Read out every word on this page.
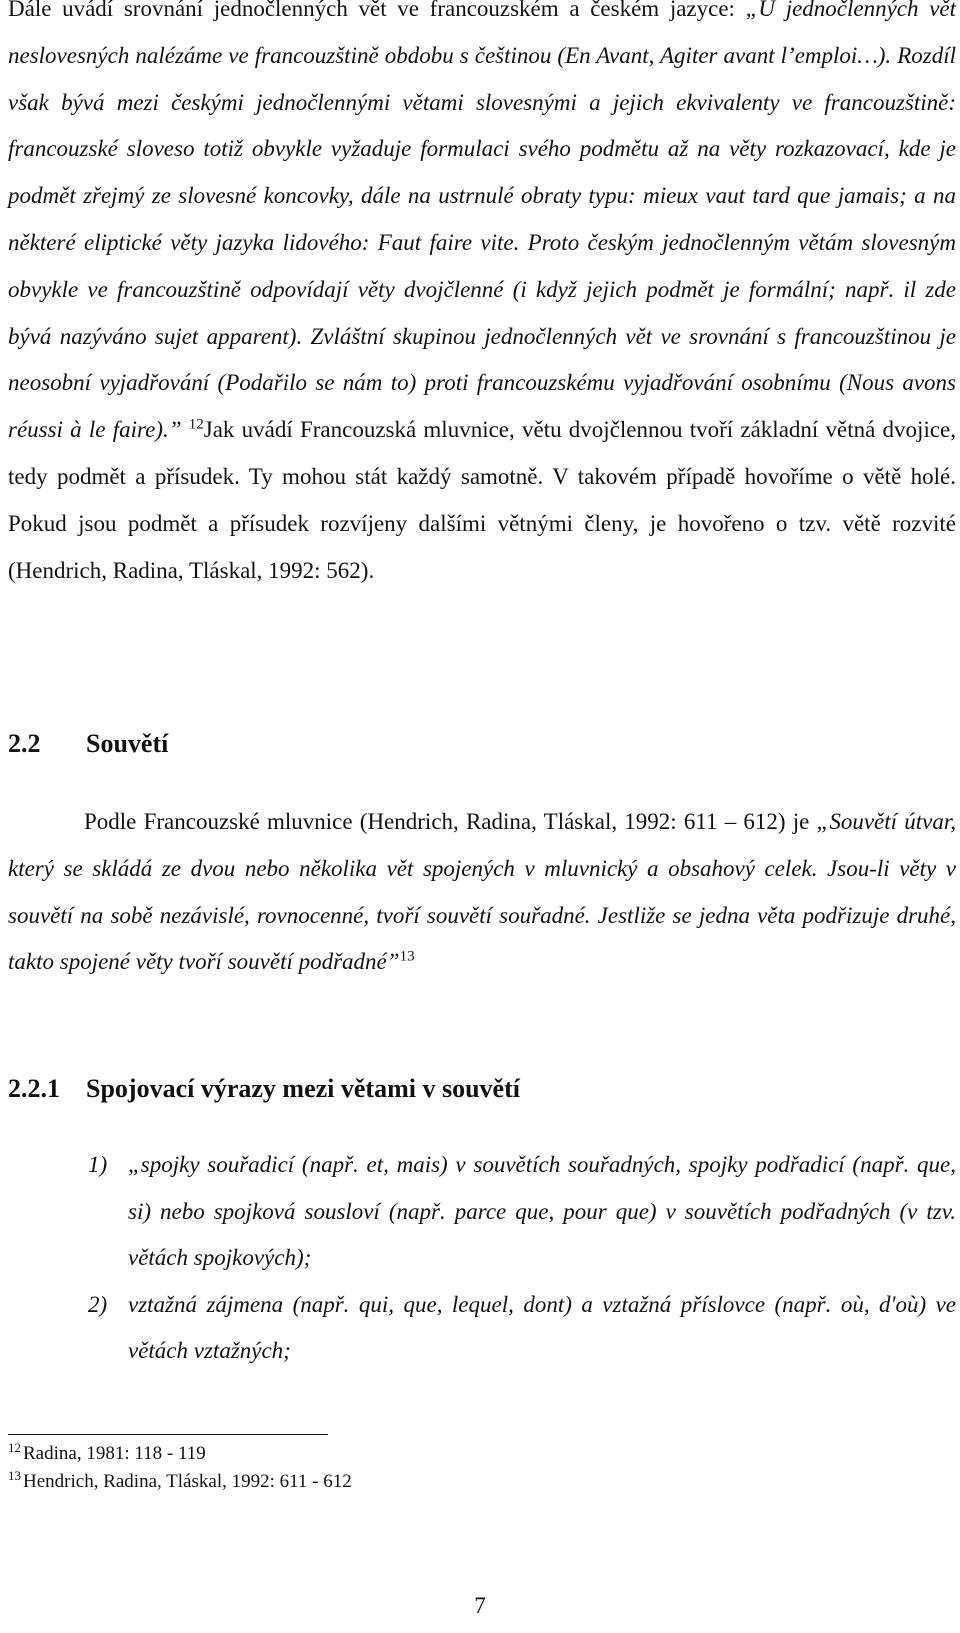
Dále uvádí srovnání jednočlenných vět ve francouzském a českém jazyce: „U jednočlenných vět neslovesných nalézáme ve francouzštině obdobu s češtinou (En Avant, Agiter avant l’emploi…). Rozdíl však bývá mezi českými jednočlennými větami slovesnými a jejich ekvivalenty ve francouzštině: francouzské sloveso totiž obvykle vyžaduje formulaci svého podmětu až na věty rozkazovací, kde je podmět zřejmý ze slovesné koncovky, dále na ustrnulé obraty typu: mieux vaut tard que jamais; a na některé eliptické věty jazyka lidového: Faut faire vite. Proto českým jednočlenným větám slovesným obvykle ve francouzštině odpovídají věty dvojčlenné (i když jejich podmět je formální; např. il zde bývá nazýváno sujet apparent). Zvláštní skupinou jednočlenných vět ve srovnání s francouzštinou je neosobní vyjadřování (Podařilo se nám to) proti francouzskému vyjadřování osobnímu (Nous avons réussi à le faire).” $^{12}$Jak uvádí Francouzská mluvnice, větu dvojčlennou tvoří základní větná dvojice, tedy podmět a přísudek. Ty mohou stát každý samotně. V takovém případě hovoříme o větě holé. Pokud jsou podmět a přísudek rozvíjeny dalšími větnými členy, je hovořeno o tzv. větě rozvité (Hendrich, Radina, Tláskal, 1992: 562).

2.2 Souvětí

Podle Francouzské mluvnice (Hendrich, Radina, Tláskal, 1992: 611 – 612) je „Souvětí útvar, který se skládá ze dvou nebo několika vět spojených v mluvnický a obsahový celek. Jsou-li věty v souvětí na sobě nezávislé, rovnocenné, tvoří souvětí souřadné. Jestliže se jedna věta podřizuje druhé, takto spojené věty tvoří souvětí podřadné”$^{13}$

2.2.1 Spojovací výrazy mezi větami v souvětí
1) „spojky souřadicí (např. et, mais) v souvětích souřadných, spojky podřadicí (např. que, si) nebo spojková sousloví (např. parce que, pour que) v souvětích podřadných (v tzv. větách spojkových);
2) vztažná zájmena (např. qui, que, lequel, dont) a vztažná příslovce (např. où, d'où) ve větách vztažných;
$^{12}$ Radina, 1981: 118 - 119
$^{13}$ Hendrich, Radina, Tláskal, 1992: 611 - 612
7
